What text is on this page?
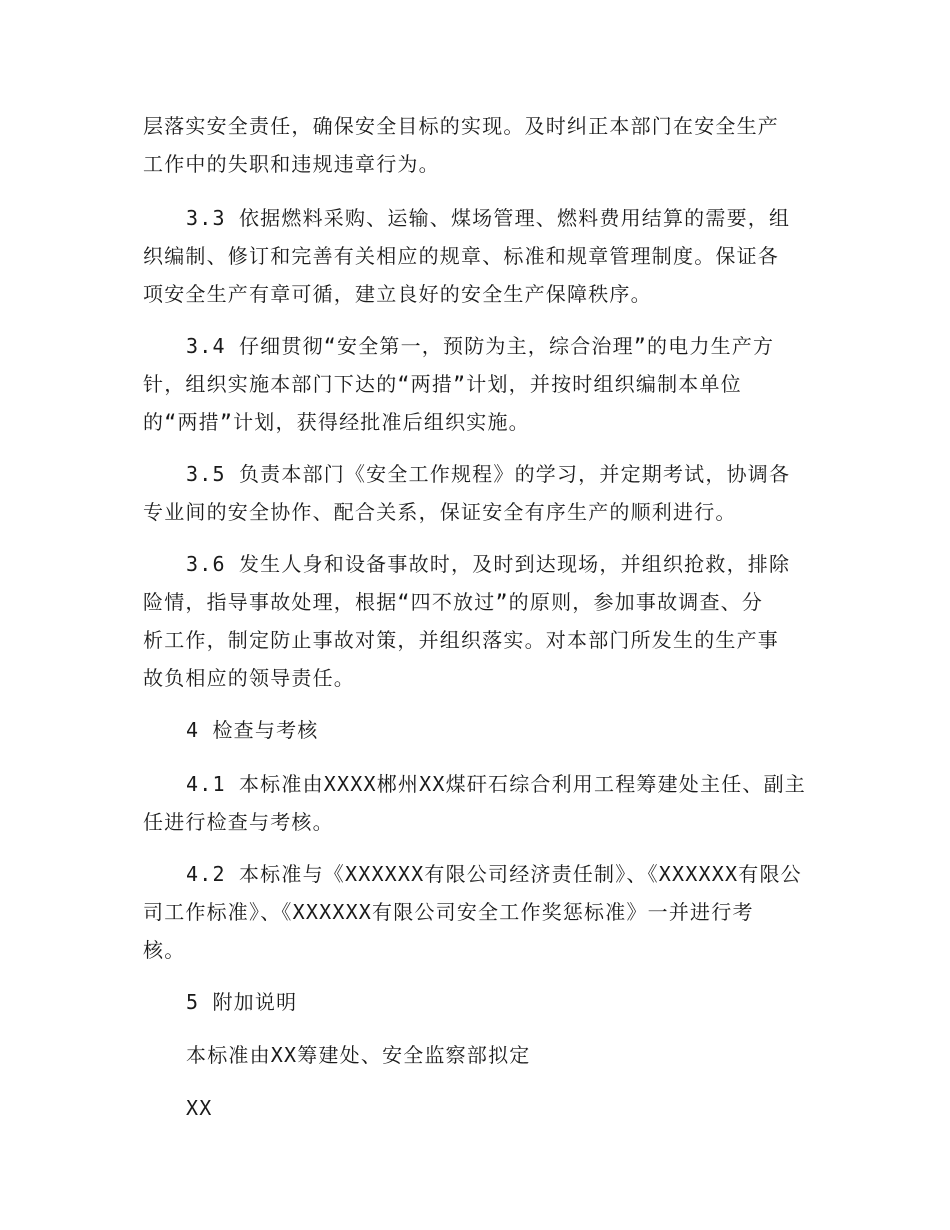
层落实安全责任，确保安全目标的实现。及时纠正本部门在安全生产
工作中的失职和违规违章行为。
3.3 依据燃料采购、运输、煤场管理、燃料费用结算的需要，组
织编制、修订和完善有关相应的规章、标准和规章管理制度。保证各
项安全生产有章可循，建立良好的安全生产保障秩序。
3.4 仔细贯彻“安全第一，预防为主，综合治理”的电力生产方
针，组织实施本部门下达的“两措”计划，并按时组织编制本单位
的“两措”计划，获得经批准后组织实施。
3.5 负责本部门《安全工作规程》的学习，并定期考试，协调各
专业间的安全协作、配合关系，保证安全有序生产的顺利进行。
3.6 发生人身和设备事故时，及时到达现场，并组织抢救，排除
险情，指导事故处理，根据“四不放过”的原则，参加事故调查、分
析工作，制定防止事故对策，并组织落实。对本部门所发生的生产事
故负相应的领导责任。
4 检查与考核
4.1 本标准由XXXX郴州XX煤矸石综合利用工程筹建处主任、副主
任进行检查与考核。
4.2 本标准与《XXXXXX有限公司经济责任制》、《XXXXXX有限公
司工作标准》、《XXXXXX有限公司安全工作奖惩标准》一并进行考
核。
5 附加说明
本标准由XX筹建处、安全监察部拟定
XX
